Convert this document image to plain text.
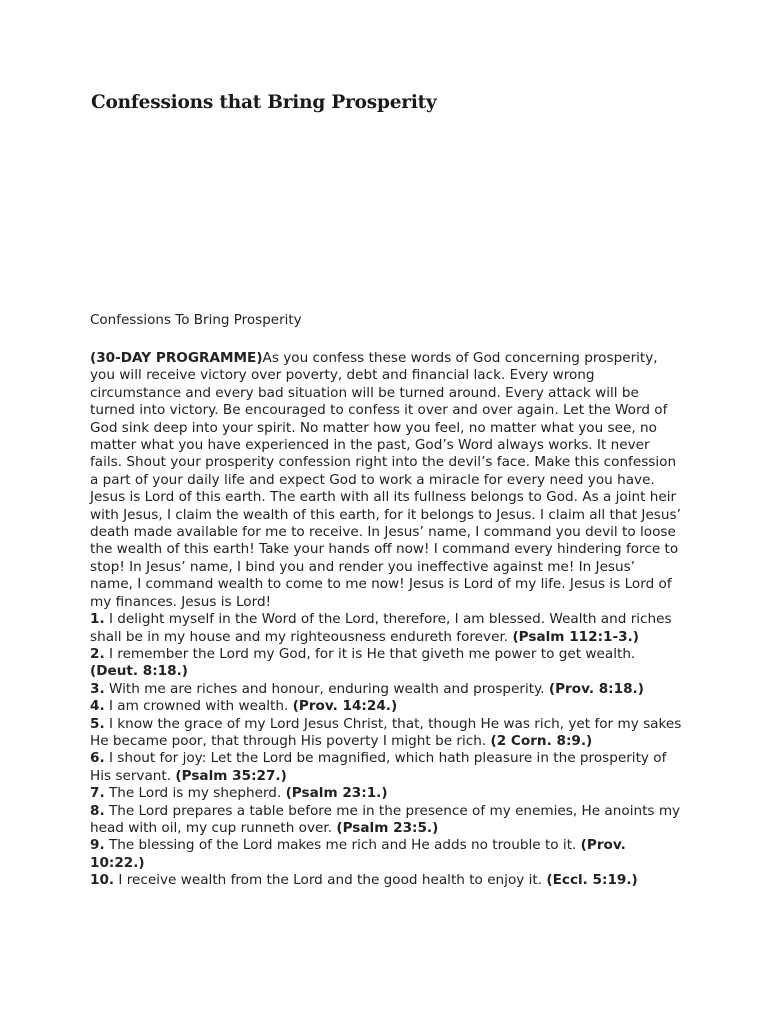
Confessions that Bring Prosperity

Confessions To Bring Prosperity

(30-DAY PROGRAMME)As you confess these words of God concerning prosperity, you will receive victory over poverty, debt and financial lack. Every wrong circumstance and every bad situation will be turned around. Every attack will be turned into victory. Be encouraged to confess it over and over again. Let the Word of God sink deep into your spirit. No matter how you feel, no matter what you see, no matter what you have experienced in the past, God’s Word always works. It never fails. Shout your prosperity confession right into the devil’s face. Make this confession a part of your daily life and expect God to work a miracle for every need you have. Jesus is Lord of this earth. The earth with all its fullness belongs to God. As a joint heir with Jesus, I claim the wealth of this earth, for it belongs to Jesus. I claim all that Jesus’ death made available for me to receive. In Jesus’ name, I command you devil to loose the wealth of this earth! Take your hands off now! I command every hindering force to stop! In Jesus’ name, I bind you and render you ineffective against me! In Jesus’ name, I command wealth to come to me now! Jesus is Lord of my life. Jesus is Lord of my finances. Jesus is Lord!

1. I delight myself in the Word of the Lord, therefore, I am blessed. Wealth and riches shall be in my house and my righteousness endureth forever. (Psalm 112:1-3.)

2. I remember the Lord my God, for it is He that giveth me power to get wealth. (Deut. 8:18.)

3. With me are riches and honour, enduring wealth and prosperity. (Prov. 8:18.)

4. I am crowned with wealth. (Prov. 14:24.)

5. I know the grace of my Lord Jesus Christ, that, though He was rich, yet for my sakes He became poor, that through His poverty I might be rich. (2 Corn. 8:9.)

6. I shout for joy: Let the Lord be magnified, which hath pleasure in the prosperity of His servant. (Psalm 35:27.)

7. The Lord is my shepherd. (Psalm 23:1.)

8. The Lord prepares a table before me in the presence of my enemies, He anoints my head with oil, my cup runneth over. (Psalm 23:5.)

9. The blessing of the Lord makes me rich and He adds no trouble to it. (Prov. 10:22.)

10. I receive wealth from the Lord and the good health to enjoy it. (Eccl. 5:19.)
